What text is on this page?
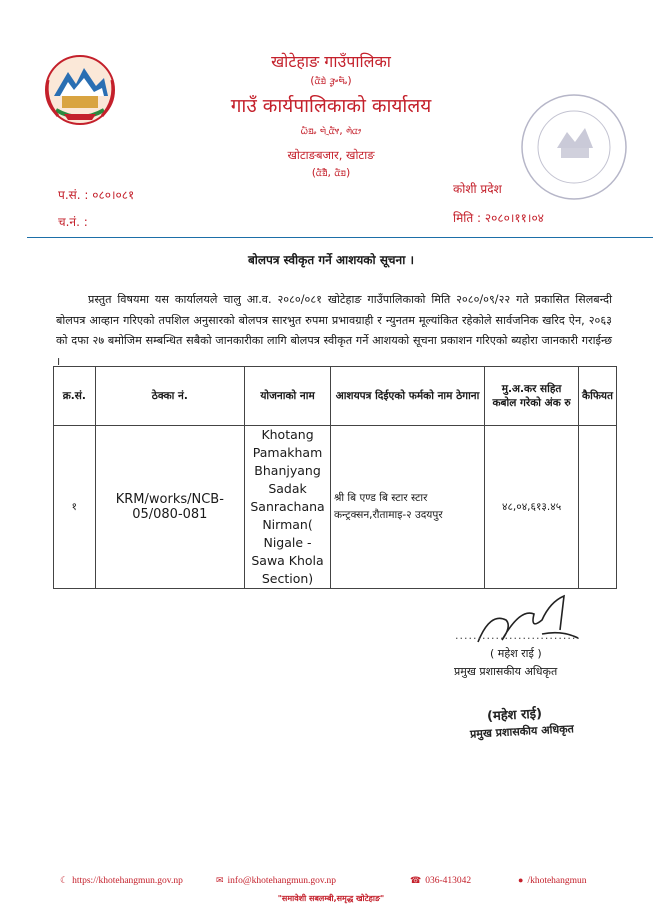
खोटेहाङ गाउँपालिका
(ᤂᤠᤀᤧ ᤋᤢᤴᤗᤠᤱ)
गाउँ कार्यपालिकाको कार्यालय
ᤐᤠᤀᤱ ᤗᤧᤳᤂᤠᤶ, ᤛᤧᤂᤣ
खोटाङबजार, खोटाङ
(ᤂᤠᤀᤧᤠ, ᤂᤠᤀ)
प.सं. : ०८०।०८१
च.नं. :
कोशी प्रदेश
मिति : २०८०।११।०४
बोलपत्र स्वीकृत गर्ने आशयको सूचना ।

प्रस्तुत विषयमा यस कार्यालयले चालु आ.व. २०८०/०८१ खोटेहाङ गाउँपालिकाको मिति २०८०/०९/२२ गते प्रकासित सिलबन्दी बोलपत्र आव्हान गरिएको तपशिल अनुसारको बोलपत्र सारभुत रुपमा प्रभावग्राही र न्युनतम मूल्यांकित रहेकोले सार्वजनिक खरिद ऐन, २०६३ को दफा २७ बमोजिम सम्बन्धित सबैको जानकारीका लागि बोलपत्र स्वीकृत गर्ने आशयको सूचना प्रकाशन गरिएको ब्यहोरा जानकारी गराईन्छ ।

क्र.सं.	ठेक्का नं.	योजनाको नाम	आशयपत्र दिईएको फर्मको नाम ठेगाना	मु.अ.कर सहित कबोल गरेको अंक रु	कैफियत
१	KRM/works/NCB-05/080-081	Khotang Pamakham Bhanjyang Sadak Sanrachana Nirman( Nigale -Sawa Khola Section)	श्री बि एण्ड बि स्टार स्टार कन्ट्रक्सन,रौतामाइ-२ उदयपुर	४८,०४,६१३.४५	
............................
( महेश राई )
प्रमुख प्रशासकीय अधिकृत
(महेश राई)
प्रमुख प्रशासकीय अधिकृत
☾ https://khotehangmun.gov.np	✉ info@khotehangmun.gov.np	☎ 036-413042	● /khotehangmun
"समावेशी सबलम्बी,समृद्ध खोटेहाङ"
